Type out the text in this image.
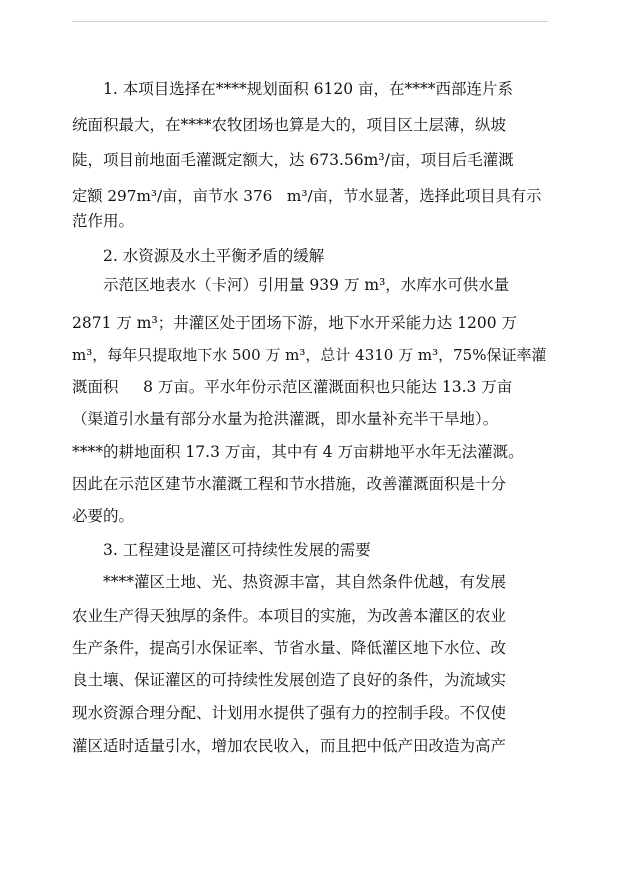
1. 本项目选择在****规划面积 6120 亩，在****西部连片系
统面积最大，在****农牧团场也算是大的，项目区土层薄，纵坡
陡，项目前地面毛灌溉定额大，达 673.56m³/亩，项目后毛灌溉
定额 297m³/亩，亩节水 376   m³/亩，节水显著，选择此项目具有示
范作用。
2. 水资源及水土平衡矛盾的缓解
示范区地表水（卡河）引用量 939 万 m³，水库水可供水量
2871 万 m³；井灌区处于团场下游，地下水开采能力达 1200 万
m³，每年只提取地下水 500 万 m³，总计 4310 万 m³，75%保证率灌
溉面积     8 万亩。平水年份示范区灌溉面积也只能达 13.3 万亩
（渠道引水量有部分水量为抢洪灌溉，即水量补充半干旱地）。
****的耕地面积 17.3 万亩，其中有 4 万亩耕地平水年无法灌溉。
因此在示范区建节水灌溉工程和节水措施，改善灌溉面积是十分
必要的。
3. 工程建设是灌区可持续性发展的需要
****灌区土地、光、热资源丰富，其自然条件优越，有发展
农业生产得天独厚的条件。本项目的实施，为改善本灌区的农业
生产条件，提高引水保证率、节省水量、降低灌区地下水位、改
良土壤、保证灌区的可持续性发展创造了良好的条件，为流域实
现水资源合理分配、计划用水提供了强有力的控制手段。不仅使
灌区适时适量引水，增加农民收入，而且把中低产田改造为高产
